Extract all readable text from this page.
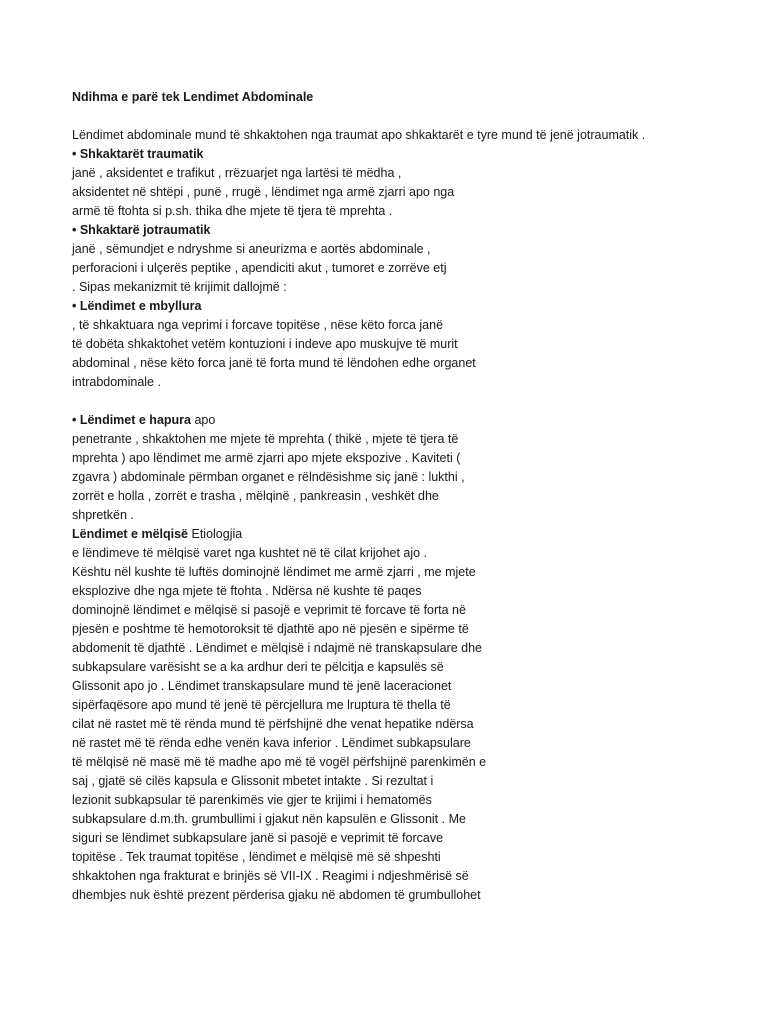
Ndihma e parë tek Lendimet Abdominale
Lëndimet abdominale mund të shkaktohen nga traumat apo shkaktarët e tyre mund të jenë jotraumatik .
• Shkaktarët traumatik
janë , aksidentet e trafikut , rrëzuarjet nga lartësi të mëdha ,
aksidentet në shtëpi , punë , rrugë , lëndimet nga armë zjarri apo nga
armë të ftohta si p.sh. thika dhe mjete të tjera të mprehta .
• Shkaktarë jotraumatik
janë , sëmundjet e ndryshme si aneurizma e aortës abdominale ,
perforacioni i ulçerës peptike , apendiciti akut , tumoret e zorrëve etj
. Sipas mekanizmit të krijimit dallojmë :
• Lëndimet e mbyllura
, të shkaktuara nga veprimi i forcave topitëse , nëse këto forca janë
të dobëta shkaktohet vetëm kontuzioni i indeve apo muskujve të murit
abdominal , nëse këto forca janë të forta mund të lëndohen edhe organet
intrabdominale .
• Lëndimet e hapura apo
penetrante , shkaktohen me mjete të mprehta ( thikë , mjete të tjera të
mprehta ) apo lëndimet me armë zjarri apo mjete ekspozive . Kaviteti (
zgavra ) abdominale përmban organet e rëlndësishme siç janë : lukthi ,
zorrët e holla , zorrët e trasha , mëlqinë , pankreasin , veshkët dhe
shpretkën .
Lëndimet e mëlqisë Etiologjia
e lëndimeve të mëlqisë varet nga kushtet në të cilat krijohet ajo .
Kështu nël kushte të luftës dominojnë lëndimet me armë zjarri , me mjete
eksplozive dhe nga mjete të ftohta . Ndërsa në kushte të paqes
dominojnë lëndimet e mëlqisë si pasojë e veprimit të forcave të forta në
pjesën e poshtme të hemotoroksit të djathtë apo në pjesën e sipërme të
abdomenit të djathtë . Lëndimet e mëlqisë i ndajmë në transkapsulare dhe
subkapsulare varësisht se a ka ardhur deri te pëlcitja e kapsulës së
Glissonit apo jo . Lëndimet transkapsulare mund të jenë laceracionet
sipërfaqësore apo mund të jenë të përcjellura me lruptura të thella të
cilat në rastet më të rënda mund të përfshijnë dhe venat hepatike ndërsa
në rastet më të rënda edhe venën kava inferior . Lëndimet subkapsulare
të mëlqisë në masë më të madhe apo më të vogël përfshijnë parenkimën e
saj , gjatë së cilës kapsula e Glissonit mbetet intakte . Si rezultat i
lezionit subkapsular të parenkimës vie gjer te krijimi i hematomës
subkapsulare d.m.th. grumbullimi i gjakut nën kapsulën e Glissonit . Me
siguri se lëndimet subkapsulare janë si pasojë e veprimit të forcave
topitëse . Tek traumat topitëse , lëndimet e mëlqisë më së shpeshti
shkaktohen nga frakturat e brinjës së VII-IX . Reagimi i ndjeshmërisë së
dhembjes nuk është prezent përderisa gjaku në abdomen të grumbullohet
